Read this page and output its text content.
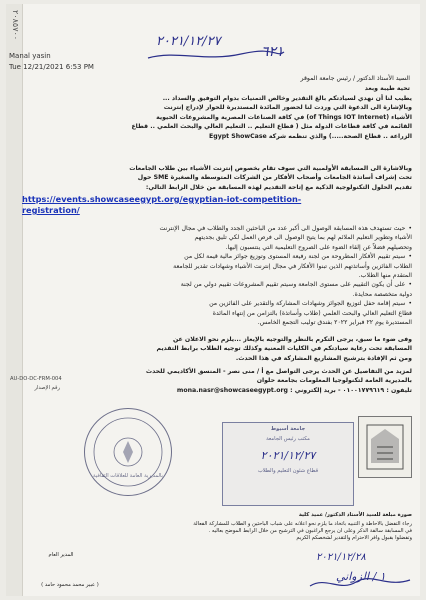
٢٠٨٥٧٠٠
٢٠٢١/١٢/٢٧
٦٢١
Manal yasin
Tue 12/21/2021 6:53 PM
السيد الأستاذ الدكتور / رئيس جامعة الموقر
تحية طيبة وبعد
يطيب لنا أن نهدي لسيادتكم بالغ التقدير وخالص التمنيات بدوام التوفيق والسداد ...
وبالإشارة الى الدعوة التي وردت لنا لحضور المائدة المستديرة للحوار لإدراج إنترنت
الأشياء (of Things IOT Internet) في كافة الصناعات المصرية والمشروعات الحيوية
القائمة في كافة قطاعات الدولة مثل ( قطاع التعليم .. التعليم العالي والبحث العلمي .. قطاع
الزراعة .. قطاع الصحة.....) والذي تنظمه شركة Egypt ShowCase
وبالاشارة الى المسابقة الأولمبية التي سوف تقام بخصوص إنترنت الأشياء بين طلاب الجامعات
تحت إشراف أساتذة الجامعات وأصحاب الأفكار من الشركات المتوسطة والصغيرة SME حول
تقديم الحلول التكنولوجية الذكية مع إتاحة التقديم لهذه المسابقة من خلال الرابط التالي:
https://events.showcaseegypt.org/egyptian-iot-competition-
registration/
• حيث تستهدف هذه المسابقة الوصول الى أكبر عدد من الباحثين الجدد والطلاب في مجال الإنترنت
الأشياء وتطوير التعليم الملائم لهم بما يتيح الوصول الى فرص العمل لكي تليق بجديتهم
وتحصيلهم فضلاً عن إلقاء الضوء على الصروح التعليمية التي ينتسبون إليها.
• سيتم تقييم الأفكار المطروحة من لجنة رفيعة المستوى وتوزيع جوائز مالية قيمة لكل من
الطلاب الفائزين وأساتذتهم الذين تبنوا الأفكار في مجال إنترنت الأشياء وشهادات تقدير للجامعة
المتقدم منها الطلاب.
• على أن يكون التقييم على مستوى الجامعة وسيتم تقييم المشروعات تقييم دولي من لجنة
دولية متخصصة محايدة.
• سيتم إقامة حفل لتوزيع الجوائز وشهادات المشاركة والتقدير على الفائزين من
قطاع التعليم العالي والبحث العلمي (طلاب وأساتذة) بالتزامن من إنتهاء المائدة
المستديرة يوم ٢٢ فبراير ٢٠٢٢ بفندق توليب التجمع الخامس.
وفى ضوء ما سبق، يرجى التكرم بالنظر والتوجيه بالإيعاز ...يلزم نحو الاعلان عن
المسابقة تحت رعاية سيادتكم في الكليات المعنية وكذلك توجيه الطلاب برابط التقديم
ومن ثم الإفادة بترشيح المشاريع المشاركة في هذا الحدث.
لمزيد من التفاصيل عن الحدث يرجى التواصل مع أ / منى نصر - المنسق الأكاديمي للحدث
بالمديرية العامة لتكنولوجيا المعلومات بجامعة حلوان
تليفون : ٠١٠٠١٧٧٩٦١٩ - بريد إلكتروني : mona.nasr@showcaseegypt.org
AU-DO-DC-FRM-004
رقم الإصدار
بالمديرية العامة للعلاقات الثقافية
جامعة أسيوط
مكتب رئيس الجامعة
٢٠٢١/١٢/٢٧
قطاع شئون التعليم والطلاب
صورة مبلغة للسيد الأستاذ الدكتور/ عميد كلية
رجاء التفضل بالاحاطة و التنبيه باتخاذ ما يلزم نحو اعلانه على شباب الباحثين و الطلاب للمشاركة الفعالة
في المسابقة سالفة الذكر وعلى ان يرجع الراغبون في الترشيح من خلال الرابط الموضح بعاليه .
وتفضلوا بقبول وافر الاحترام والتقدير لشخصكم الكريم
المدير العام
( عبير محمد محمود حامد )
٢٠٢١/١٢/٢٨
١ / الزواني
